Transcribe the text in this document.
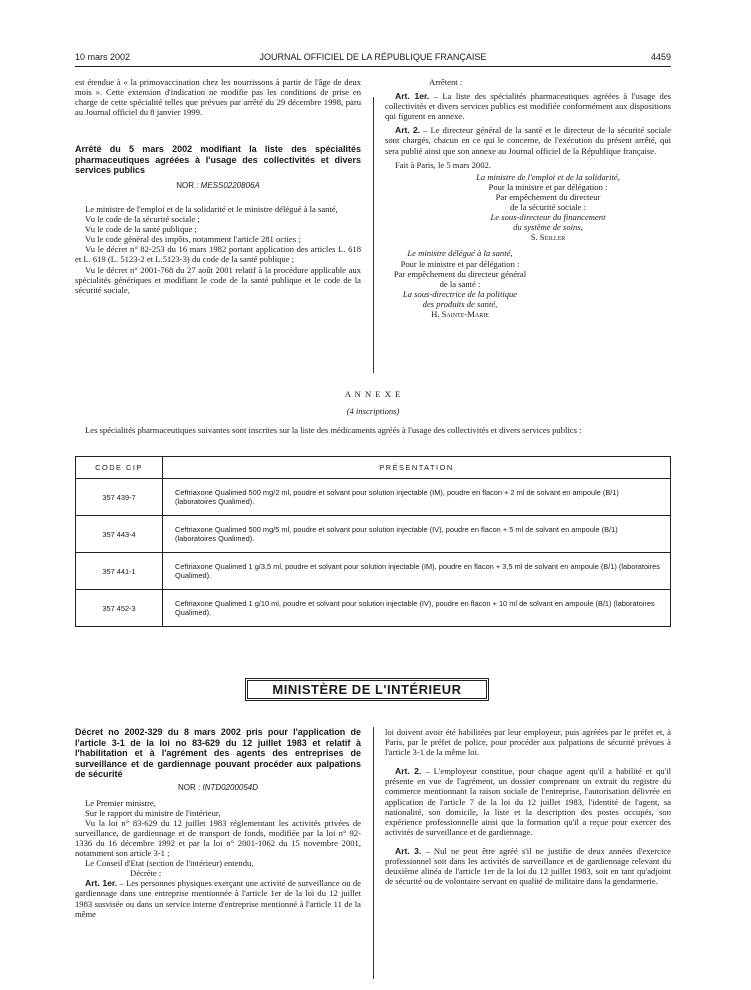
10 mars 2002	JOURNAL OFFICIEL DE LA RÉPUBLIQUE FRANÇAISE	4459

est étendue à « la primovaccination chez les nourrissons à partir de l'âge de deux mois ». Cette extension d'indication ne modifie pas les conditions de prise en charge de cette spécialité telles que prévues par arrêté du 29 décembre 1998, paru au Journal officiel du 8 janvier 1999.

Arrêté du 5 mars 2002 modifiant la liste des spécialités pharmaceutiques agréées à l'usage des collectivités et divers services publics

NOR : MESS0220806A

Le ministre de l'emploi et de la solidarité et le ministre délégué à la santé,

Vu le code de la sécurité sociale ;

Vu le code de la santé publique ;

Vu le code général des impôts, notamment l'article 281 octies ;

Vu le décret n° 82-253 du 16 mars 1982 portant application des articles L. 618 et L. 619 (L. 5123-2 et L.5123-3) du code de la santé publique ;

Vu le décret n° 2001-768 du 27 août 2001 relatif à la procédure applicable aux spécialités génériques et modifiant le code de la santé publique et le code de la sécurité sociale,

Arrêtent :

Art. 1er. – La liste des spécialités pharmaceutiques agréées à l'usage des collectivités et divers services publics est modifiée conformément aux dispositions qui figurent en annexe.

Art. 2. – Le directeur général de la santé et le directeur de la sécurité sociale sont chargés, chacun en ce qui le concerne, de l'exécution du présent arrêté, qui sera publié ainsi que son annexe au Journal officiel de la République française.

Fait à Paris, le 5 mars 2002.

La ministre de l'emploi et de la solidarité,

Pour la ministre et par délégation :

Par empêchement du directeur

de la sécurité sociale :

Le sous-directeur du financement

du système de soins,

S. Seiller

Le ministre délégué à la santé,

Pour le ministre et par délégation :

Par empêchement du directeur général

de la santé :

La sous-directrice de la politique

des produits de santé,

H. Sainte-Marie

A N N E X E
(4 inscriptions)
Les spécialités pharmaceutiques suivantes sont inscrites sur la liste des médicaments agréés à l'usage des collectivités et divers services publics :
CODE CIP	PRÉSENTATION
357 439-7	Ceftriaxone Qualimed 500 mg/2 ml, poudre et solvant pour solution injectable (IM), poudre en flacon + 2 ml de solvant en ampoule (B/1) (laboratoires Qualimed).
357 443-4	Ceftriaxone Qualimed 500 mg/5 ml, poudre et solvant pour solution injectable (IV), poudre en flacon + 5 ml de solvant en ampoule (B/1) (laboratoires Qualimed).
357 441-1	Ceftriaxone Qualimed 1 g/3,5 ml, poudre et solvant pour solution injectable (IM), poudre en flacon + 3,5 ml de solvant en ampoule (B/1) (laboratoires Qualimed).
357 452-3	Ceftriaxone Qualimed 1 g/10 ml, poudre et solvant pour solution injectable (IV), poudre en flacon + 10 ml de solvant en ampoule (B/1) (laboratoires Qualimed).
MINISTÈRE DE L'INTÉRIEUR

Décret no 2002-329 du 8 mars 2002 pris pour l'application de l'article 3-1 de la loi no 83-629 du 12 juillet 1983 et relatif à l'habilitation et à l'agrément des agents des entreprises de surveillance et de gardiennage pouvant procéder aux palpations de sécurité

NOR : INTD0200054D

Le Premier ministre,

Sur le rapport du ministre de l'intérieur,

Vu la loi n° 83-629 du 12 juillet 1983 réglementant les activités privées de surveillance, de gardiennage et de transport de fonds, modifiée par la loi n° 92-1336 du 16 décembre 1992 et par la loi n° 2001-1062 du 15 novembre 2001, notamment son article 3-1 ;

Le Conseil d'Etat (section de l'intérieur) entendu,

Décrète :

Art. 1er. – Les personnes physiques exerçant une activité de surveillance ou de gardiennage dans une entreprise mentionnée à l'article 1er de la loi du 12 juillet 1983 susvisée ou dans un service interne d'entreprise mentionné à l'article 11 de la même

loi doivent avoir été habilitées par leur employeur, puis agréées par le préfet et, à Paris, par le préfet de police, pour procéder aux palpations de sécurité prévues à l'article 3-1 de la même loi.

Art. 2. – L'employeur constitue, pour chaque agent qu'il a habilité et qu'il présente en vue de l'agrément, un dossier comprenant un extrait du registre du commerce mentionnant la raison sociale de l'entreprise, l'autorisation délivrée en application de l'article 7 de la loi du 12 juillet 1983, l'identité de l'agent, sa nationalité, son domicile, la liste et la description des postes occupés, son expérience professionnelle ainsi que la formation qu'il a reçue pour exercer des activités de surveillance et de gardiennage.

Art. 3. – Nul ne peut être agréé s'il ne justifie de deux années d'exercice professionnel soit dans les activités de surveillance et de gardiennage relevant du deuxième alinéa de l'article 1er de la loi du 12 juillet 1983, soit en tant qu'adjoint de sécurité ou de volontaire servant en qualité de militaire dans la gendarmerie.
